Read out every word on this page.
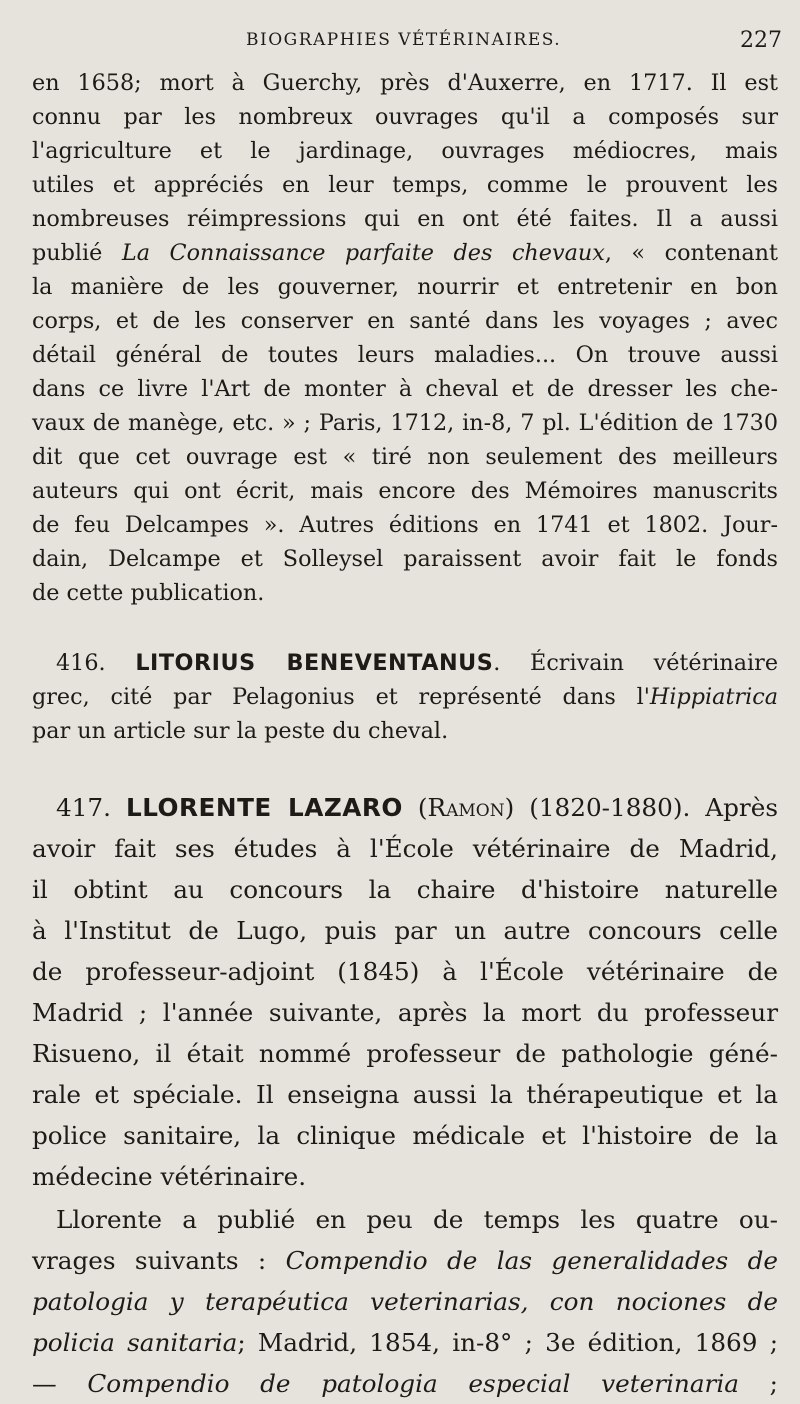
BIOGRAPHIES VÉTÉRINAIRES.	227
en 1658; mort à Guerchy, près d'Auxerre, en 1717. Il est
connu par les nombreux ouvrages qu'il a composés sur
l'agriculture et le jardinage, ouvrages médiocres, mais
utiles et appréciés en leur temps, comme le prouvent les
nombreuses réimpressions qui en ont été faites. Il a aussi
publié La Connaissance parfaite des chevaux, « contenant
la manière de les gouverner, nourrir et entretenir en bon
corps, et de les conserver en santé dans les voyages ; avec
détail général de toutes leurs maladies... On trouve aussi
dans ce livre l'Art de monter à cheval et de dresser les che-
vaux de manège, etc. » ; Paris, 1712, in-8, 7 pl. L'édition de 1730
dit que cet ouvrage est « tiré non seulement des meilleurs
auteurs qui ont écrit, mais encore des Mémoires manuscrits
de feu Delcampes ». Autres éditions en 1741 et 1802. Jour-
dain, Delcampe et Solleysel paraissent avoir fait le fonds
de cette publication.
416. LITORIUS BENEVENTANUS. Écrivain vétérinaire
grec, cité par Pelagonius et représenté dans l'Hippiatrica
par un article sur la peste du cheval.
417. LLORENTE LAZARO (Ramon) (1820-1880). Après
avoir fait ses études à l'École vétérinaire de Madrid,
il obtint au concours la chaire d'histoire naturelle
à l'Institut de Lugo, puis par un autre concours celle
de professeur-adjoint (1845) à l'École vétérinaire de
Madrid ; l'année suivante, après la mort du professeur
Risueno, il était nommé professeur de pathologie géné-
rale et spéciale. Il enseigna aussi la thérapeutique et la
police sanitaire, la clinique médicale et l'histoire de la
médecine vétérinaire.
Llorente a publié en peu de temps les quatre ou-
vrages suivants : Compendio de las generalidades de
patologia y terapéutica veterinarias, con nociones de
policia sanitaria; Madrid, 1854, in-8° ; 3e édition, 1869 ;
— Compendio de patologia especial veterinaria ;
